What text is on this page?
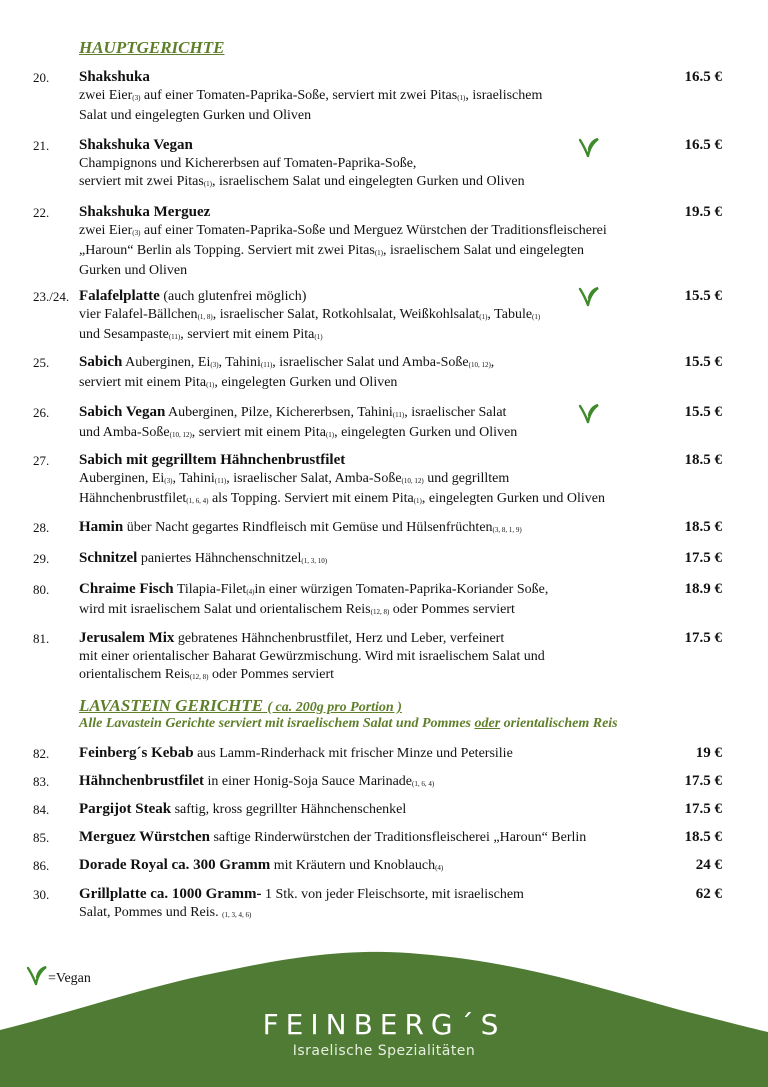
HAUPTGERICHTE
20. Shakshuka
zwei Eier$_{(3)}$ auf einer Tomaten-Paprika-Soße, serviert mit zwei Pitas$_{(1)}$, israelischem
Salat und eingelegten Gurken und Oliven
16.5 €
21. Shakshuka Vegan
Champignons und Kichererbsen auf Tomaten-Paprika-Soße,
serviert mit zwei Pitas$_{(1)}$, israelischem Salat und eingelegten Gurken und Oliven
16.5 €
22. Shakshuka Merguez
zwei Eier$_{(3)}$ auf einer Tomaten-Paprika-Soße und Merguez Würstchen der Traditionsfleischerei
„Haroun“ Berlin als Topping. Serviert mit zwei Pitas$_{(1)}$, israelischem Salat und eingelegten
Gurken und Oliven
19.5 €
23./24. Falafelplatte (auch glutenfrei möglich)
vier Falafel-Bällchen$_{(1, 8)}$, israelischer Salat, Rotkohlsalat, Weißkohlsalat$_{(1)}$, Tabule$_{(1)}$
und Sesampaste$_{(11)}$, serviert mit einem Pita$_{(1)}$
15.5 €
25. Sabich Auberginen, $Ei_{(3)}$, Tahini$_{(11)}$, israelischer Salat und Amba-Soße$_{(10, 12)}$,
serviert mit einem Pita$_{(1)}$, eingelegten Gurken und Oliven
15.5 €
26. Sabich Vegan Auberginen, Pilze, Kichererbsen, Tahini$_{(11)}$, israelischer Salat
und Amba-Soße$_{(10, 12)}$, serviert mit einem Pita$_{(1)}$, eingelegten Gurken und Oliven
15.5 €
27. Sabich mit gegrilltem Hähnchenbrustfilet
Auberginen, $Ei_{(3)}$, Tahini$_{(11)}$, israelischer Salat, Amba-Soße$_{(10, 12)}$ und gegrilltem
Hähnchenbrustfilet$_{(1, 6, 4)}$ als Topping. Serviert mit einem Pita$_{(1)}$, eingelegten Gurken und Oliven
18.5 €
28. Hamin über Nacht gegartes Rindfleisch mit Gemüse und Hülsenfrüchten$_{(3, 8, 1, 9)}$	18.5 €
29. Schnitzel paniertes Hähnchenschnitzel$_{(1, 3, 10)}$	17.5 €
80. Chraime Fisch Tilapia-Filet$_{(4)}$in einer würzigen Tomaten-Paprika-Koriander Soße,
wird mit israelischem Salat und orientalischem Reis$_{(12, 8)}$ oder Pommes serviert
18.9 €
81. Jerusalem Mix gebratenes Hähnchenbrustfilet, Herz und Leber, verfeinert
mit einer orientalischer Baharat Gewürzmischung. Wird mit israelischem Salat und
orientalischem Reis$_{(12, 8)}$ oder Pommes serviert
17.5 €
LAVASTEIN GERICHTE ( ca. 200g pro Portion )
Alle Lavastein Gerichte serviert mit israelischem Salat und Pommes oder orientalischem Reis
82. Feinberg´s Kebab aus Lamm-Rinderhack mit frischer Minze und Petersilie	19 €
83. Hähnchenbrustfilet in einer Honig-Soja Sauce Marinade$_{(1, 6, 4)}$	17.5 €
84. Pargijot Steak saftig, kross gegrillter Hähnchenschenkel	17.5 €
85. Merguez Würstchen saftige Rinderwürstchen der Traditionsfleischerei „Haroun“ Berlin	18.5 €
86. Dorade Royal ca. 300 Gramm mit Kräutern und Knoblauch$_{(4)}$	24 €
30. Grillplatte ca. 1000 Gramm- 1 Stk. von jeder Fleischsorte, mit israelischem
Salat, Pommes und Reis. $_{(1, 3, 4, 6)}$
62 €
=Vegan
FEINBERG´S
Israelische Spezialitäten
